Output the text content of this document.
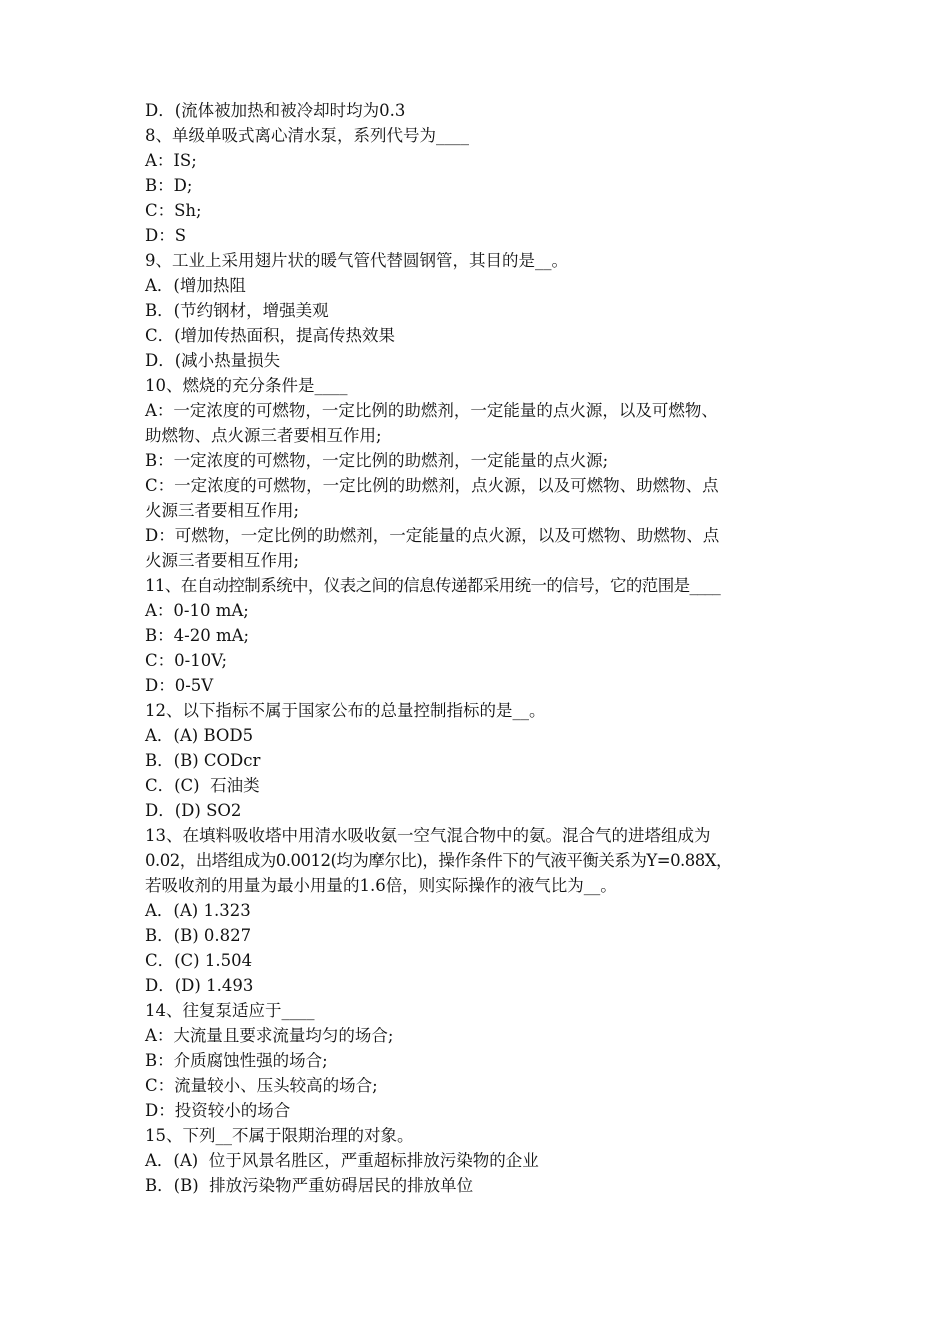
D．(流体被加热和被冷却时均为0.3
8、单级单吸式离心清水泵，系列代号为____
A：IS;
B：D;
C：Sh;
D：S
9、工业上采用翅片状的暖气管代替圆钢管，其目的是__。
A．(增加热阻
B．(节约钢材，增强美观
C．(增加传热面积，提高传热效果
D．(减小热量损失
10、燃烧的充分条件是____
A：一定浓度的可燃物，一定比例的助燃剂，一定能量的点火源，以及可燃物、
助燃物、点火源三者要相互作用;
B：一定浓度的可燃物，一定比例的助燃剂，一定能量的点火源;
C：一定浓度的可燃物，一定比例的助燃剂，点火源，以及可燃物、助燃物、点
火源三者要相互作用;
D：可燃物，一定比例的助燃剂，一定能量的点火源，以及可燃物、助燃物、点
火源三者要相互作用;
11、在自动控制系统中，仪表之间的信息传递都采用统一的信号，它的范围是____
A：0-10 mA;
B：4-20 mA;
C：0-10V;
D：0-5V
12、以下指标不属于国家公布的总量控制指标的是__。
A．(A) BOD5
B．(B) CODcr
C．(C)  石油类
D．(D) SO2
13、在填料吸收塔中用清水吸收氨一空气混合物中的氨。混合气的进塔组成为
0.02，出塔组成为0.0012(均为摩尔比)，操作条件下的气液平衡关系为Y=0.88X，
若吸收剂的用量为最小用量的1.6倍，则实际操作的液气比为__。
A．(A) 1.323
B．(B) 0.827
C．(C) 1.504
D．(D) 1.493
14、往复泵适应于____
A：大流量且要求流量均匀的场合;
B：介质腐蚀性强的场合;
C：流量较小、压头较高的场合;
D：投资较小的场合
15、下列__不属于限期治理的对象。
A．(A)  位于风景名胜区，严重超标排放污染物的企业
B．(B)  排放污染物严重妨碍居民的排放单位
